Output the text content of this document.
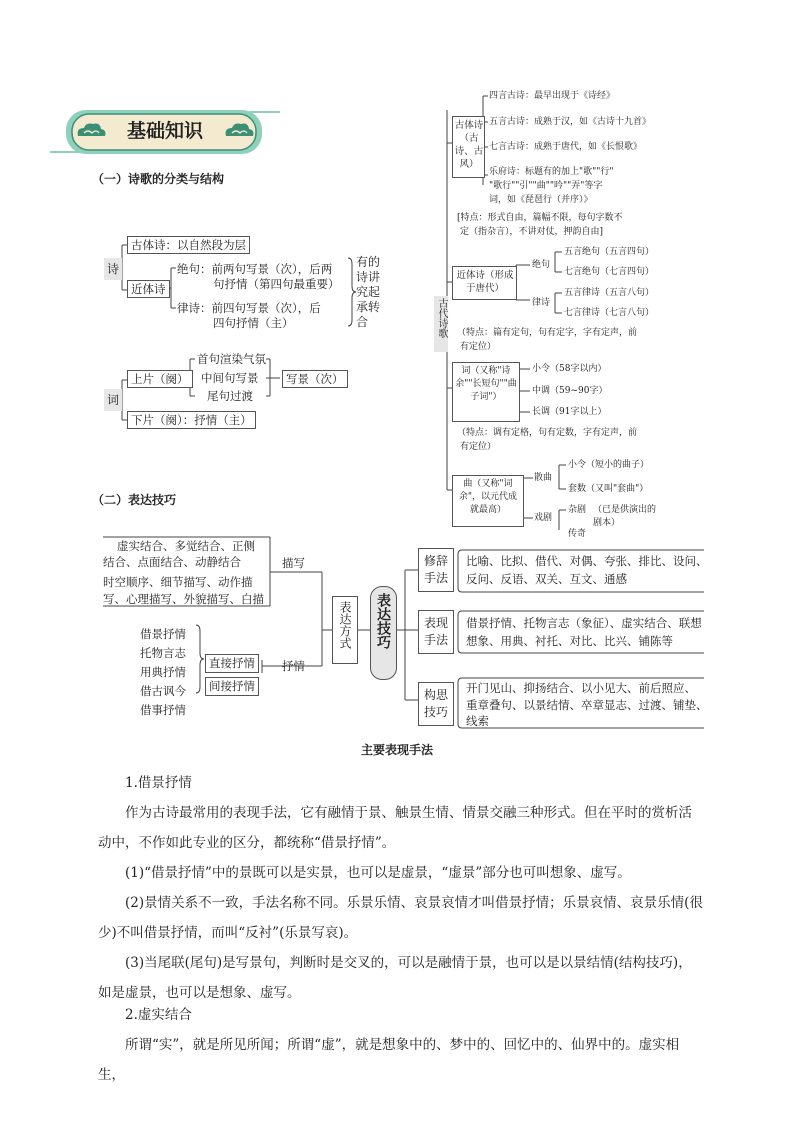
基础知识
（一）诗歌的分类与结构
诗
古体诗：以自然段为层
近体诗
绝句：前两句写景（次），后两
句抒情（第四句最重要）
律诗：前四句写景（次），后
四句抒情（主）
有的诗讲究起承转合
词
上片（阕）
首句渲染气氛
中间句写景
尾句过渡
写景（次）
下片（阕）：抒情（主）
古代诗歌
古体诗（古诗、古风）
四言古诗：最早出现于《诗经》
五言古诗：成熟于汉，如《古诗十九首》
七言古诗：成熟于唐代，如《长恨歌》
乐府诗：标题有的加上"歌""行"
"歌行""引""曲""吟""弄"等字
词，如《琵琶行（并序）》
[特点：形式自由，篇幅不限，每句字数不
定（指杂言），不讲对仗，押韵自由]
近体诗（形成于唐代）
绝句
五言绝句（五言四句）
七言绝句（七言四句）
律诗
五言律诗（五言八句）
七言律诗（七言八句）
（特点：篇有定句，句有定字，字有定声，前
有定位）
词（又称"诗余""长短句""曲子词"）
小令（58字以内）
中调（59~90字）
长调（91字以上）
（特点：调有定格，句有定数，字有定声，前
有定位）
曲（又称"词余"，以元代成就最高）
散曲
小令（短小的曲子）
套数（又叫"套曲"）
戏剧
杂剧
传奇
（已是供演出的剧本）
（二）表达技巧
虚实结合、多觉结合、正侧
结合、点面结合、动静结合
时空顺序、细节描写、动作描
写、心理描写、外貌描写、白描
描写
借景抒情
托物言志
用典抒情
借古讽今
借事抒情
直接抒情
间接抒情
抒情
表达方式 表达技巧
修辞手法
比喻、比拟、借代、对偶、夸张、排比、设问、
反问、反语、双关、互文、通感
表现手法
借景抒情、托物言志（象征）、虚实结合、联想
想象、用典、衬托、对比、比兴、铺陈等
构思技巧
开门见山、抑扬结合、以小见大、前后照应、
重章叠句、以景结情、卒章显志、过渡、铺垫、
线索
主要表现手法
1.借景抒情
作为古诗最常用的表现手法，它有融情于景、触景生情、情景交融三种形式。但在平时的赏析活动中，不作如此专业的区分，都统称“借景抒情”。
(1)“借景抒情”中的景既可以是实景，也可以是虚景，“虚景”部分也可叫想象、虚写。
(2)景情关系不一致，手法名称不同。乐景乐情、哀景哀情才叫借景抒情；乐景哀情、哀景乐情(很少)不叫借景抒情，而叫“反衬”(乐景写哀)。
(3)当尾联(尾句)是写景句，判断时是交叉的，可以是融情于景，也可以是以景结情(结构技巧)，如是虚景，也可以是想象、虚写。
2.虚实结合
所谓“实”，就是所见所闻；所谓“虚”，就是想象中的、梦中的、回忆中的、仙界中的。虚实相生，
